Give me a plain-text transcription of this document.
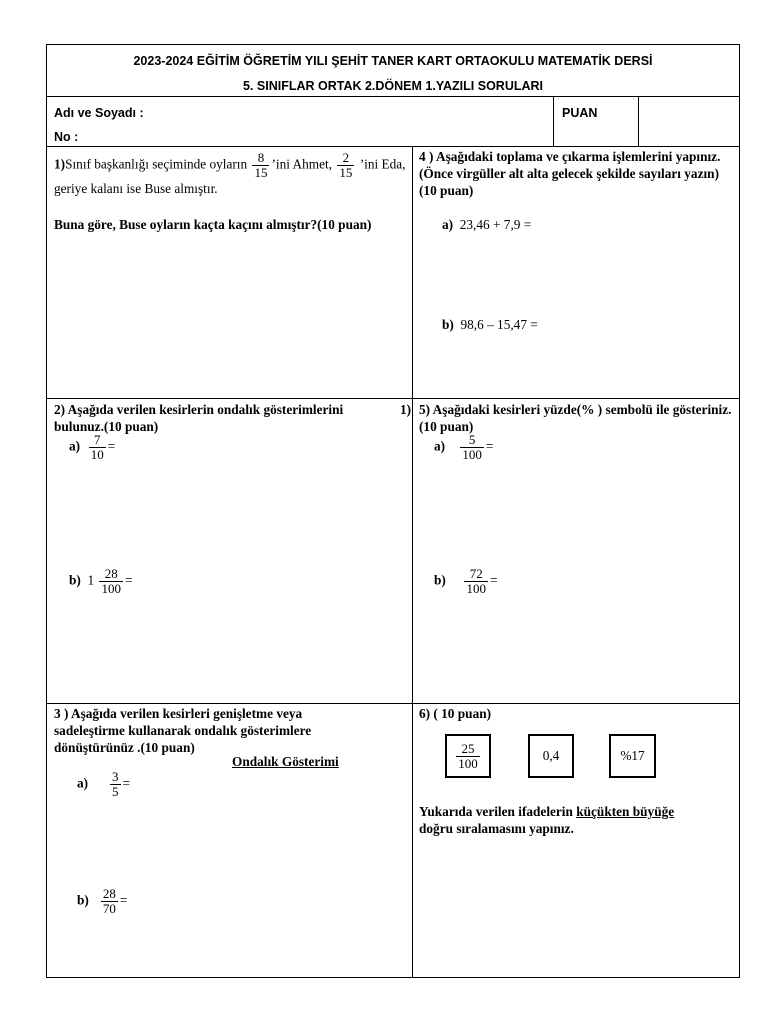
2023-2024 EĞİTİM ÖĞRETİM YILI ŞEHİT TANER KART ORTAOKULU MATEMATİK DERSİ
5. SINIFLAR ORTAK 2.DÖNEM 1.YAZILI SORULARI
Adı ve Soyadı :
No :
PUAN
1)Sınıf başkanlığı seçiminde oyların $\frac{8}{15}$ ’ini Ahmet, $\frac{2}{15}$ ’ini Eda, geriye kalanı ise Buse almıştır.
Buna göre, Buse oyların kaçta kaçını almıştır?(10 puan)
4 ) Aşağıdaki toplama ve çıkarma işlemlerini yapınız. (Önce virgüller alt alta gelecek şekilde sayıları yazın)(10 puan)
a) 23,46 + 7,9 =
b) 98,6 – 15,47 =
2) Aşağıda verilen kesirlerin ondalık gösterimlerini bulunuz.(10 puan)
1)
$a) \frac{7}{10}$ =
b) $1 \frac{28}{100}$ =
5) Aşağıdaki kesirleri yüzde(% ) sembolü ile gösteriniz. (10 puan)
$a) \frac{5}{100}$ =
$b) \frac{72}{100}$ =
3 ) Aşağıda verilen kesirleri genişletme veya sadeleştirme kullanarak ondalık gösterimlere dönüştürünüz .(10 puan)
Ondalık Gösterimi
$a) \frac{3}{5}$ =
$b) \frac{28}{70}$ =
6) ( 10 puan)
$\frac{25}{100}$	0,4	%17
Yukarıda verilen ifadelerin küçükten büyüğe
doğru sıralamasını yapınız.
